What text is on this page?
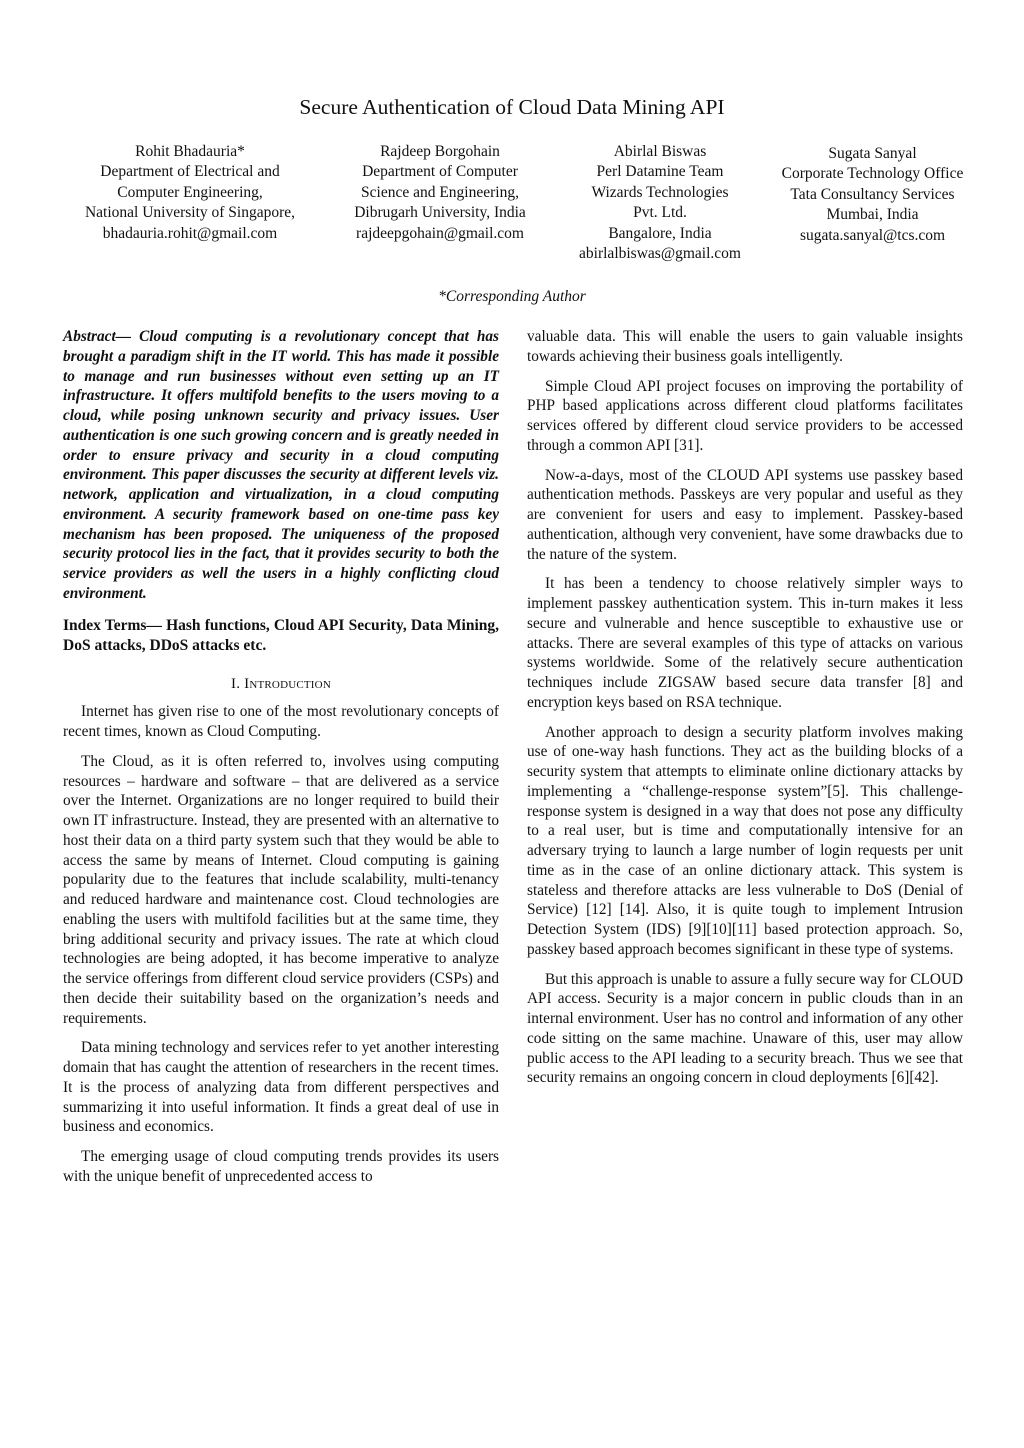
Secure Authentication of Cloud Data Mining API
Rohit Bhadauria*
Department of Electrical and
Computer Engineering,
National University of Singapore,
bhadauria.rohit@gmail.com
Rajdeep Borgohain
Department of Computer
Science and Engineering,
Dibrugarh University, India
rajdeepgohain@gmail.com
Abirlal Biswas
Perl Datamine Team
Wizards Technologies
Pvt. Ltd.
Bangalore, India
abirlalbiswas@gmail.com
Sugata Sanyal
Corporate Technology Office
Tata Consultancy Services
Mumbai, India
sugata.sanyal@tcs.com
*Corresponding Author

Abstract— Cloud computing is a revolutionary concept that has brought a paradigm shift in the IT world. This has made it possible to manage and run businesses without even setting up an IT infrastructure. It offers multifold benefits to the users moving to a cloud, while posing unknown security and privacy issues. User authentication is one such growing concern and is greatly needed in order to ensure privacy and security in a cloud computing environment. This paper discusses the security at different levels viz. network, application and virtualization, in a cloud computing environment. A security framework based on one-time pass key mechanism has been proposed. The uniqueness of the proposed security protocol lies in the fact, that it provides security to both the service providers as well the users in a highly conflicting cloud environment.

Index Terms— Hash functions, Cloud API Security, Data Mining, DoS attacks, DDoS attacks etc.

I. Introduction

Internet has given rise to one of the most revolutionary concepts of recent times, known as Cloud Computing.

The Cloud, as it is often referred to, involves using computing resources – hardware and software – that are delivered as a service over the Internet. Organizations are no longer required to build their own IT infrastructure. Instead, they are presented with an alternative to host their data on a third party system such that they would be able to access the same by means of Internet. Cloud computing is gaining popularity due to the features that include scalability, multi-tenancy and reduced hardware and maintenance cost. Cloud technologies are enabling the users with multifold facilities but at the same time, they bring additional security and privacy issues. The rate at which cloud technologies are being adopted, it has become imperative to analyze the service offerings from different cloud service providers (CSPs) and then decide their suitability based on the organization’s needs and requirements.

Data mining technology and services refer to yet another interesting domain that has caught the attention of researchers in the recent times. It is the process of analyzing data from different perspectives and summarizing it into useful information. It finds a great deal of use in business and economics.

The emerging usage of cloud computing trends provides its users with the unique benefit of unprecedented access to

valuable data. This will enable the users to gain valuable insights towards achieving their business goals intelligently.

Simple Cloud API project focuses on improving the portability of PHP based applications across different cloud platforms facilitates services offered by different cloud service providers to be accessed through a common API [31].

Now-a-days, most of the CLOUD API systems use passkey based authentication methods. Passkeys are very popular and useful as they are convenient for users and easy to implement. Passkey-based authentication, although very convenient, have some drawbacks due to the nature of the system.

It has been a tendency to choose relatively simpler ways to implement passkey authentication system. This in-turn makes it less secure and vulnerable and hence susceptible to exhaustive use or attacks. There are several examples of this type of attacks on various systems worldwide. Some of the relatively secure authentication techniques include ZIGSAW based secure data transfer [8] and encryption keys based on RSA technique.

Another approach to design a security platform involves making use of one-way hash functions. They act as the building blocks of a security system that attempts to eliminate online dictionary attacks by implementing a “challenge-response system”[5]. This challenge-response system is designed in a way that does not pose any difficulty to a real user, but is time and computationally intensive for an adversary trying to launch a large number of login requests per unit time as in the case of an online dictionary attack. This system is stateless and therefore attacks are less vulnerable to DoS (Denial of Service) [12] [14]. Also, it is quite tough to implement Intrusion Detection System (IDS) [9][10][11] based protection approach. So, passkey based approach becomes significant in these type of systems.

But this approach is unable to assure a fully secure way for CLOUD API access. Security is a major concern in public clouds than in an internal environment. User has no control and information of any other code sitting on the same machine. Unaware of this, user may allow public access to the API leading to a security breach. Thus we see that security remains an ongoing concern in cloud deployments [6][42].
